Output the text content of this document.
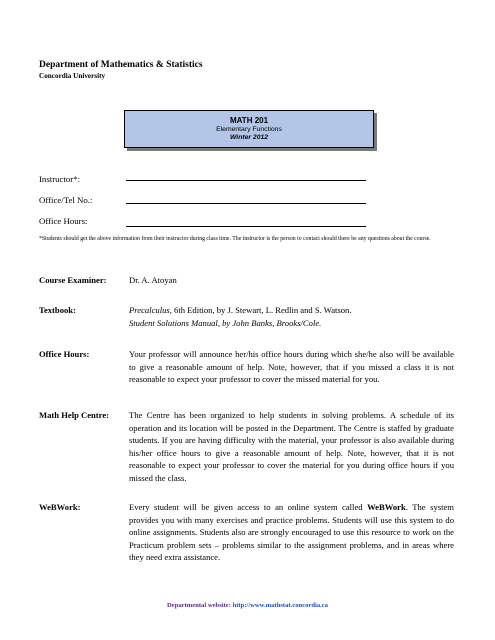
Department of Mathematics & Statistics
Concordia University
MATH 201
Elementary Functions
Winter 2012
Instructor*:
Office/Tel No.:
Office Hours:
*Students should get the above information from their instructor during class time. The instructor is the person to contact should there be any questions about the course.
Course Examiner:	Dr. A. Atoyan
Textbook:	Precalculus, 6th Edition, by J. Stewart, L. Redlin and S. Watson.
Student Solutions Manual, by John Banks, Brooks/Cole.
Office Hours:	Your professor will announce her/his office hours during which she/he also will be available to give a reasonable amount of help. Note, however, that if you missed a class it is not reasonable to expect your professor to cover the missed material for you.
Math Help Centre: The Centre has been organized to help students in solving problems. A schedule of its operation and its location will be posted in the Department. The Centre is staffed by graduate students. If you are having difficulty with the material, your professor is also available during his/her office hours to give a reasonable amount of help. Note, however, that it is not reasonable to expect your professor to cover the material for you during office hours if you missed the class.
WeBWork:	Every student will be given access to an online system called WeBWork. The system provides you with many exercises and practice problems. Students will use this system to do online assignments. Students also are strongly encouraged to use this resource to work on the Practicum problem sets – problems similar to the assignment problems, and in areas where they need extra assistance.
Departmental website: http://www.mathstat.concordia.ca
